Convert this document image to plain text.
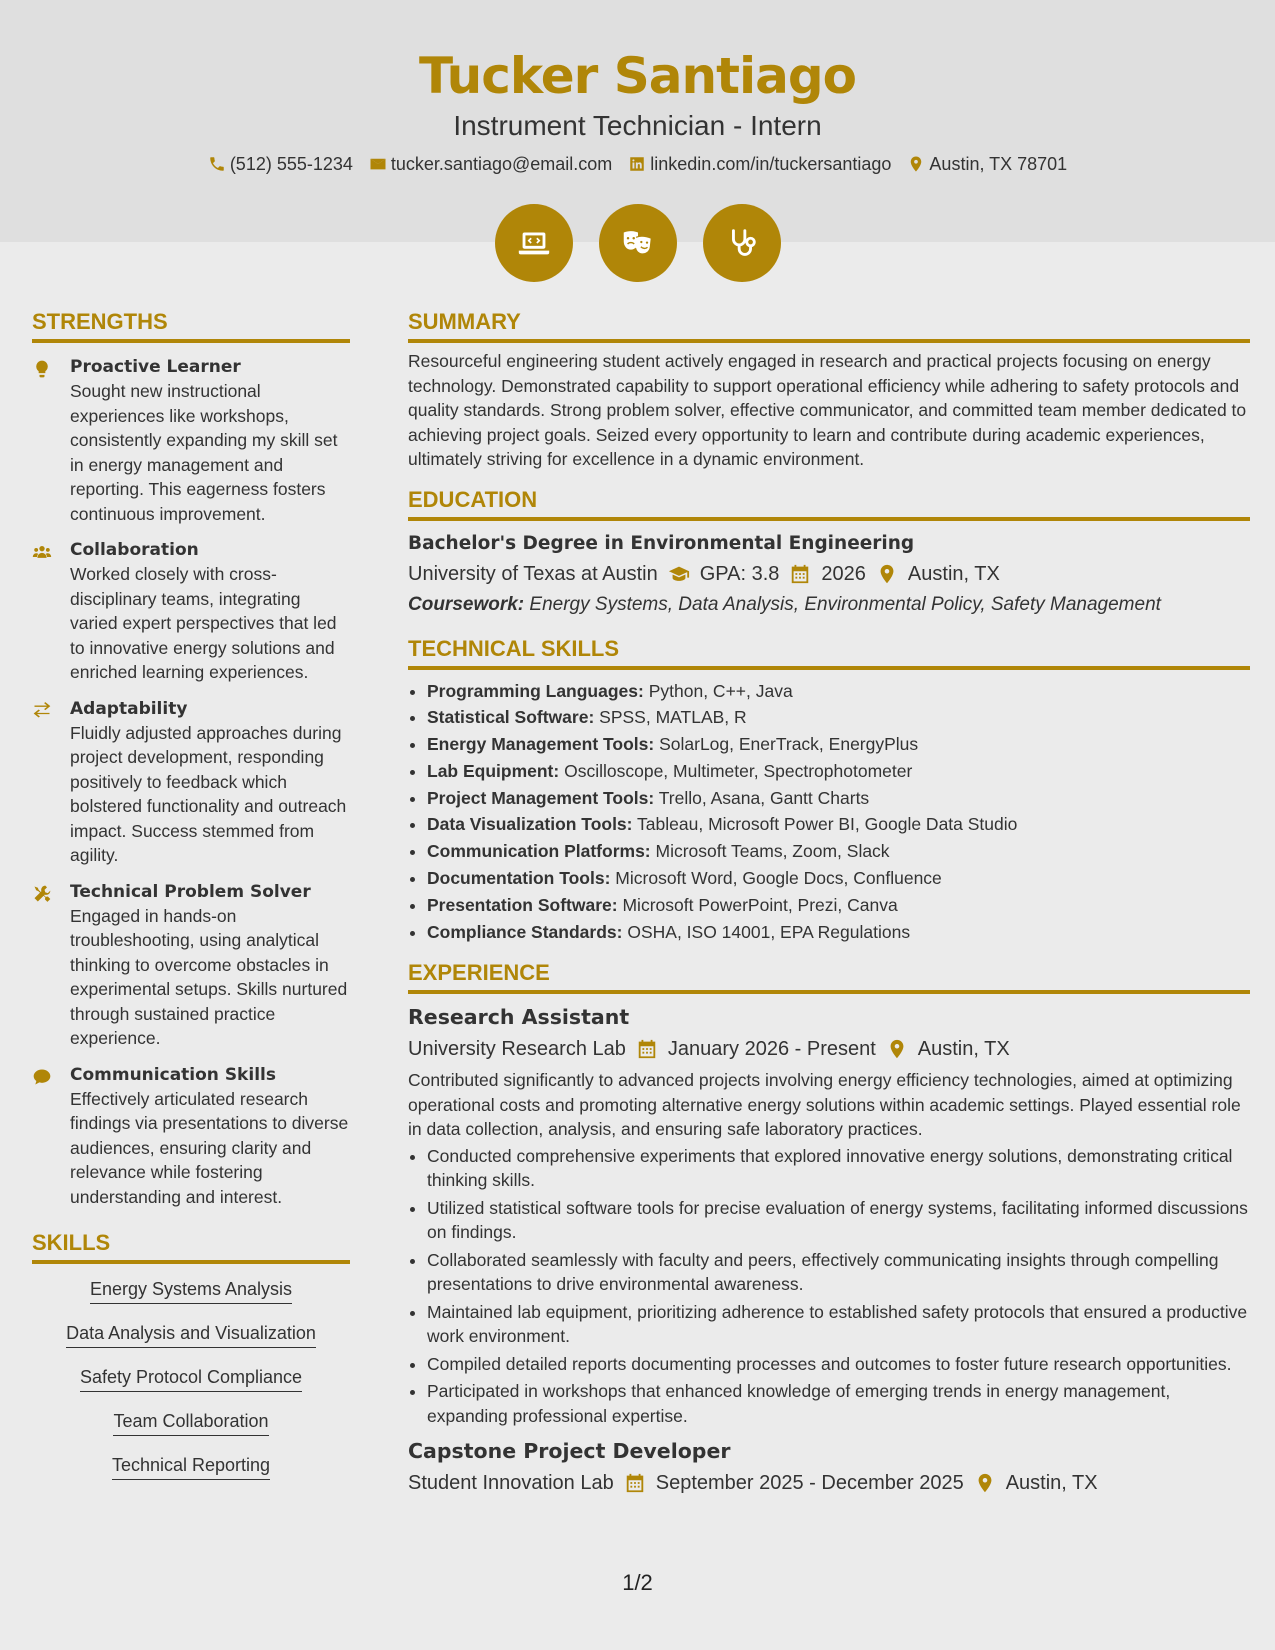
Tucker Santiago
Instrument Technician - Intern
(512) 555-1234 tucker.santiago@email.com linkedin.com/in/tuckersantiago Austin, TX 78701
STRENGTHS
Proactive Learner
Sought new instructional experiences like workshops, consistently expanding my skill set in energy management and reporting. This eagerness fosters continuous improvement.
Collaboration
Worked closely with cross-disciplinary teams, integrating varied expert perspectives that led to innovative energy solutions and enriched learning experiences.
Adaptability
Fluidly adjusted approaches during project development, responding positively to feedback which bolstered functionality and outreach impact. Success stemmed from agility.
Technical Problem Solver
Engaged in hands-on troubleshooting, using analytical thinking to overcome obstacles in experimental setups. Skills nurtured through sustained practice experience.
Communication Skills
Effectively articulated research findings via presentations to diverse audiences, ensuring clarity and relevance while fostering understanding and interest.
SKILLS
Energy Systems Analysis
Data Analysis and Visualization
Safety Protocol Compliance
Team Collaboration
Technical Reporting
SUMMARY
Resourceful engineering student actively engaged in research and practical projects focusing on energy technology. Demonstrated capability to support operational efficiency while adhering to safety protocols and quality standards. Strong problem solver, effective communicator, and committed team member dedicated to achieving project goals. Seized every opportunity to learn and contribute during academic experiences, ultimately striving for excellence in a dynamic environment.
EDUCATION
Bachelor's Degree in Environmental Engineering
University of Texas at Austin GPA: 3.8 2026 Austin, TX
Coursework: Energy Systems, Data Analysis, Environmental Policy, Safety Management
TECHNICAL SKILLS
• Programming Languages: Python, C++, Java
• Statistical Software: SPSS, MATLAB, R
• Energy Management Tools: SolarLog, EnerTrack, EnergyPlus
• Lab Equipment: Oscilloscope, Multimeter, Spectrophotometer
• Project Management Tools: Trello, Asana, Gantt Charts
• Data Visualization Tools: Tableau, Microsoft Power BI, Google Data Studio
• Communication Platforms: Microsoft Teams, Zoom, Slack
• Documentation Tools: Microsoft Word, Google Docs, Confluence
• Presentation Software: Microsoft PowerPoint, Prezi, Canva
• Compliance Standards: OSHA, ISO 14001, EPA Regulations
EXPERIENCE
Research Assistant
University Research Lab January 2026 - Present Austin, TX
Contributed significantly to advanced projects involving energy efficiency technologies, aimed at optimizing operational costs and promoting alternative energy solutions within academic settings. Played essential role in data collection, analysis, and ensuring safe laboratory practices.
• Conducted comprehensive experiments that explored innovative energy solutions, demonstrating critical thinking skills.
• Utilized statistical software tools for precise evaluation of energy systems, facilitating informed discussions on findings.
• Collaborated seamlessly with faculty and peers, effectively communicating insights through compelling presentations to drive environmental awareness.
• Maintained lab equipment, prioritizing adherence to established safety protocols that ensured a productive work environment.
• Compiled detailed reports documenting processes and outcomes to foster future research opportunities.
• Participated in workshops that enhanced knowledge of emerging trends in energy management, expanding professional expertise.
Capstone Project Developer
Student Innovation Lab September 2025 - December 2025 Austin, TX
1/2
